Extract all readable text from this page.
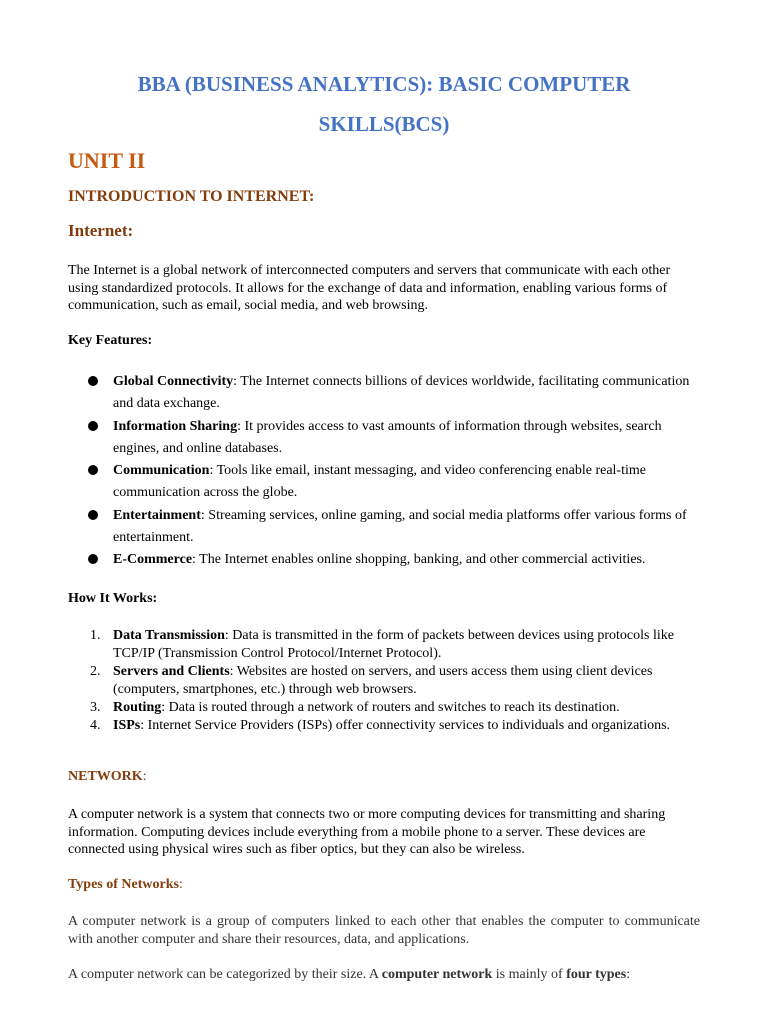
BBA (BUSINESS ANALYTICS): BASIC COMPUTER
SKILLS(BCS)
UNIT II
INTRODUCTION TO INTERNET:
Internet:

The Internet is a global network of interconnected computers and servers that communicate with each other using standardized protocols. It allows for the exchange of data and information, enabling various forms of communication, such as email, social media, and web browsing.

Key Features:
Global Connectivity: The Internet connects billions of devices worldwide, facilitating communication and data exchange.
Information Sharing: It provides access to vast amounts of information through websites, search engines, and online databases.
Communication: Tools like email, instant messaging, and video conferencing enable real-time communication across the globe.
Entertainment: Streaming services, online gaming, and social media platforms offer various forms of entertainment.
E-Commerce: The Internet enables online shopping, banking, and other commercial activities.
How It Works:
1. Data Transmission: Data is transmitted in the form of packets between devices using protocols like TCP/IP (Transmission Control Protocol/Internet Protocol).
2. Servers and Clients: Websites are hosted on servers, and users access them using client devices (computers, smartphones, etc.) through web browsers.
3. Routing: Data is routed through a network of routers and switches to reach its destination.
4. ISPs: Internet Service Providers (ISPs) offer connectivity services to individuals and organizations.
NETWORK:

A computer network is a system that connects two or more computing devices for transmitting and sharing information. Computing devices include everything from a mobile phone to a server. These devices are connected using physical wires such as fiber optics, but they can also be wireless.

Types of Networks:

A computer network is a group of computers linked to each other that enables the computer to communicate with another computer and share their resources, data, and applications.

A computer network can be categorized by their size. A computer network is mainly of four types:
